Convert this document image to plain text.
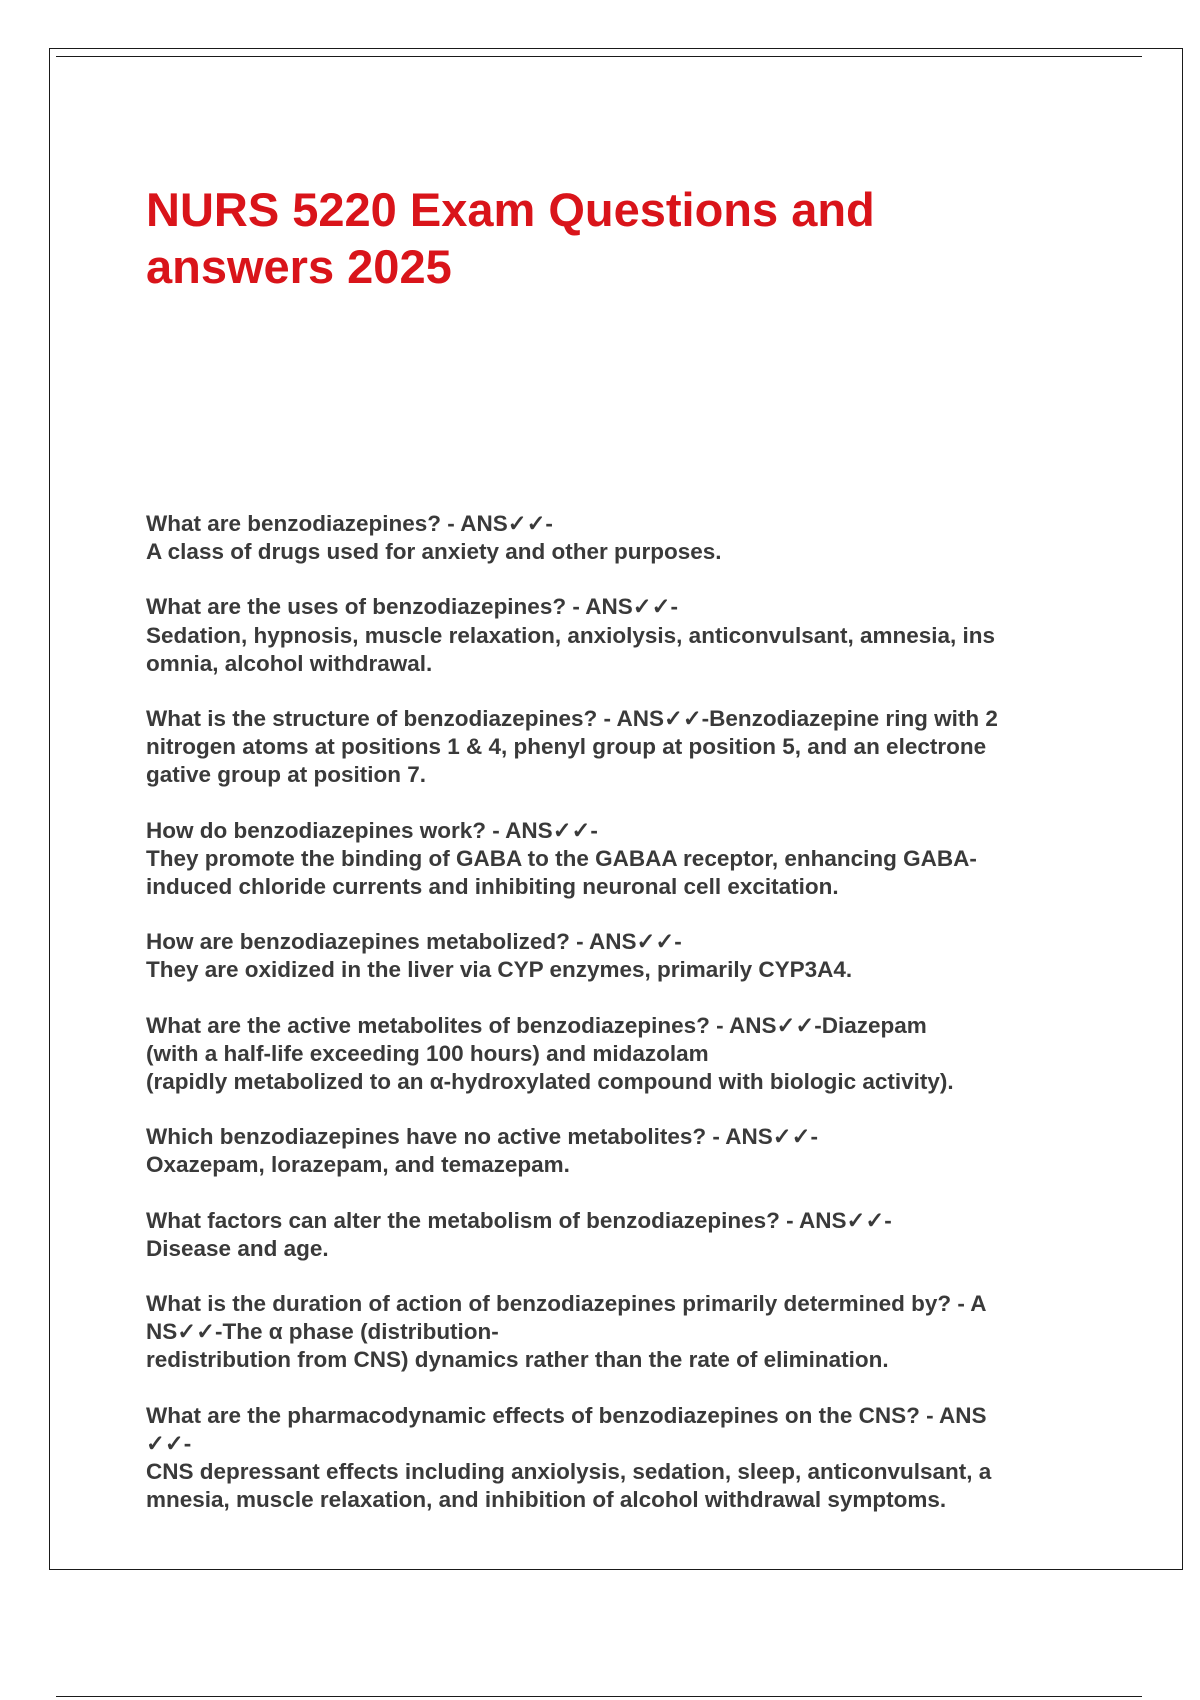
NURS 5220 Exam Questions and
answers 2025
What are benzodiazepines? - ANS✓✓-
A class of drugs used for anxiety and other purposes.
What are the uses of benzodiazepines? - ANS✓✓-
Sedation, hypnosis, muscle relaxation, anxiolysis, anticonvulsant, amnesia, ins
omnia, alcohol withdrawal.
What is the structure of benzodiazepines? - ANS✓✓-Benzodiazepine ring with 2
nitrogen atoms at positions 1 & 4, phenyl group at position 5, and an electrone
gative group at position 7.
How do benzodiazepines work? - ANS✓✓-
They promote the binding of GABA to the GABAA receptor, enhancing GABA-
induced chloride currents and inhibiting neuronal cell excitation.
How are benzodiazepines metabolized? - ANS✓✓-
They are oxidized in the liver via CYP enzymes, primarily CYP3A4.
What are the active metabolites of benzodiazepines? - ANS✓✓-Diazepam
(with a half-life exceeding 100 hours) and midazolam
(rapidly metabolized to an α-hydroxylated compound with biologic activity).
Which benzodiazepines have no active metabolites? - ANS✓✓-
Oxazepam, lorazepam, and temazepam.
What factors can alter the metabolism of benzodiazepines? - ANS✓✓-
Disease and age.
What is the duration of action of benzodiazepines primarily determined by? - A
NS✓✓-The α phase (distribution-
redistribution from CNS) dynamics rather than the rate of elimination.
What are the pharmacodynamic effects of benzodiazepines on the CNS? - ANS
✓✓-
CNS depressant effects including anxiolysis, sedation, sleep, anticonvulsant, a
mnesia, muscle relaxation, and inhibition of alcohol withdrawal symptoms.
